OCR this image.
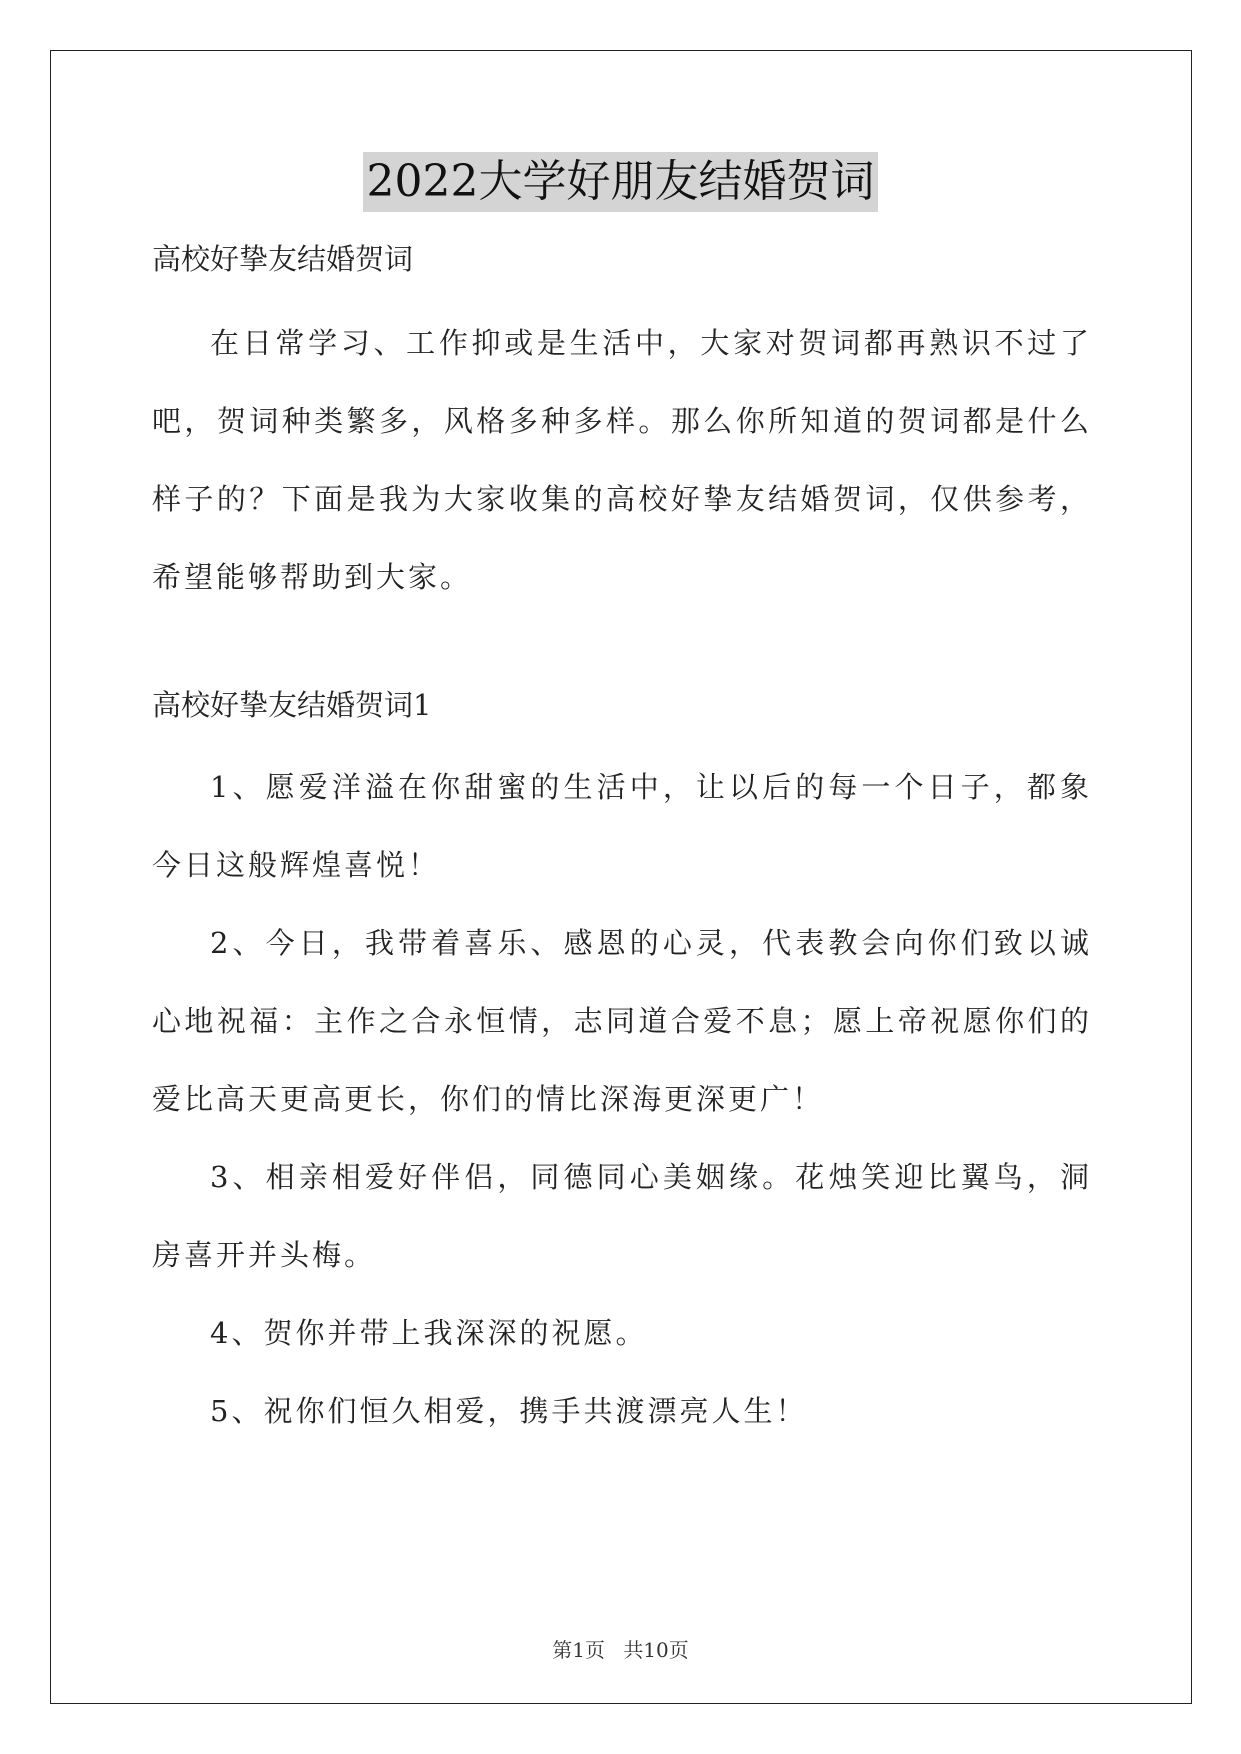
2022大学好朋友结婚贺词

高校好挚友结婚贺词

在日常学习、工作抑或是生活中，大家对贺词都再熟识不过了吧，贺词种类繁多，风格多种多样。那么你所知道的贺词都是什么样子的？下面是我为大家收集的高校好挚友结婚贺词，仅供参考，希望能够帮助到大家。

高校好挚友结婚贺词1

1、愿爱洋溢在你甜蜜的生活中，让以后的每一个日子，都象今日这般辉煌喜悦！

2、今日，我带着喜乐、感恩的心灵，代表教会向你们致以诚心地祝福：主作之合永恒情，志同道合爱不息；愿上帝祝愿你们的爱比高天更高更长，你们的情比深海更深更广！

3、相亲相爱好伴侣，同德同心美姻缘。花烛笑迎比翼鸟，洞房喜开并头梅。

4、贺你并带上我深深的祝愿。

5、祝你们恒久相爱，携手共渡漂亮人生！

第1页 共10页
